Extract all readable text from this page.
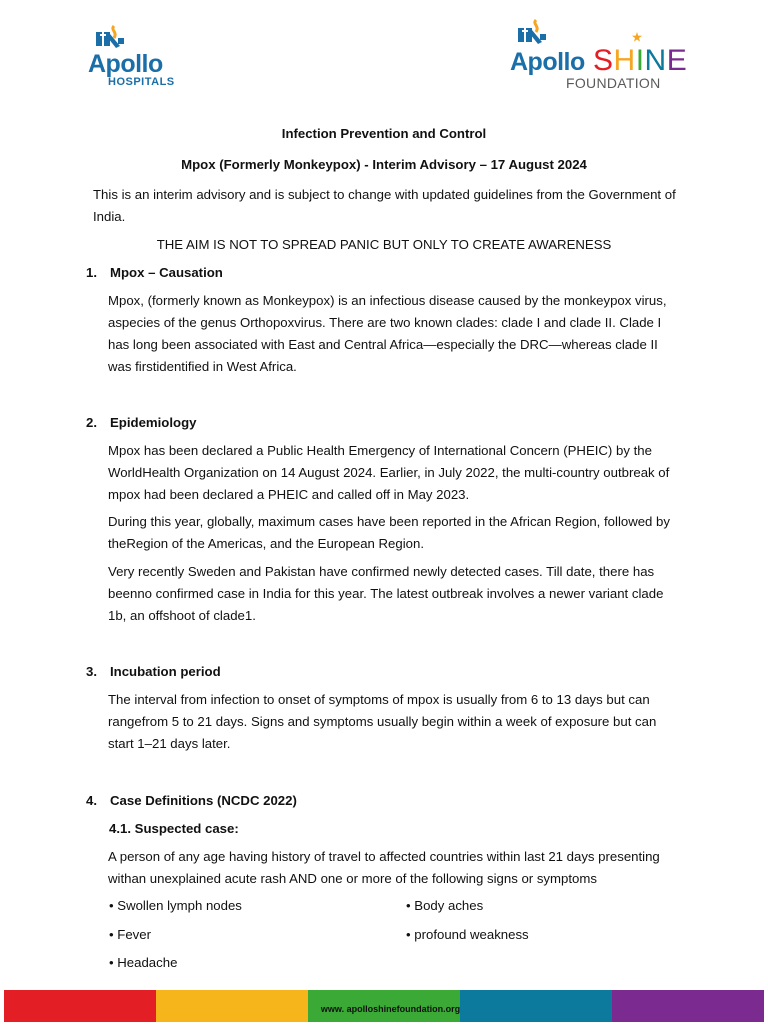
Apollo
HOSPITALS
Apollo SHINE
FOUNDATION
Infection Prevention and Control
Mpox (Formerly Monkeypox) - Interim Advisory – 17 August 2024
This is an interim advisory and is subject to change with updated guidelines from the Government of India.
THE AIM IS NOT TO SPREAD PANIC BUT ONLY TO CREATE AWARENESS
1. Mpox – Causation
Mpox, (formerly known as Monkeypox) is an infectious disease caused by the monkeypox virus, aspecies of the genus Orthopoxvirus. There are two known clades: clade I and clade II. Clade I has long been associated with East and Central Africa—especially the DRC—whereas clade II was firstidentified in West Africa.
2. Epidemiology
Mpox has been declared a Public Health Emergency of International Concern (PHEIC) by the WorldHealth Organization on 14 August 2024. Earlier, in July 2022, the multi-country outbreak of mpox had been declared a PHEIC and called off in May 2023.
During this year, globally, maximum cases have been reported in the African Region, followed by theRegion of the Americas, and the European Region.
Very recently Sweden and Pakistan have confirmed newly detected cases. Till date, there has beenno confirmed case in India for this year. The latest outbreak involves a newer variant clade 1b, an offshoot of clade1.
3. Incubation period
The interval from infection to onset of symptoms of mpox is usually from 6 to 13 days but can rangefrom 5 to 21 days. Signs and symptoms usually begin within a week of exposure but can start 1–21 days later.
4. Case Definitions (NCDC 2022)
4.1. Suspected case:
A person of any age having history of travel to affected countries within last 21 days presenting withan unexplained acute rash AND one or more of the following signs or symptoms
• Swollen lymph nodes	• Body aches
• Fever	• profound weakness
• Headache
www. apolloshinefoundation.org
